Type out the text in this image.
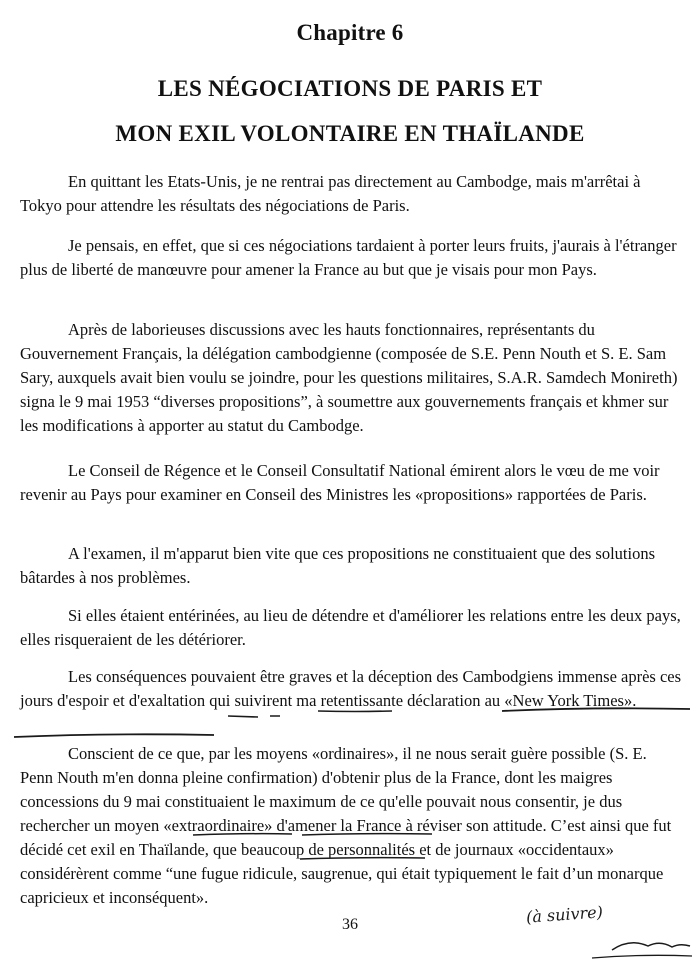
Chapitre 6
LES NÉGOCIATIONS DE PARIS ET
MON EXIL VOLONTAIRE EN THAÏLANDE

En quittant les Etats-Unis, je ne rentrai pas directement au Cambodge, mais m'arrêtai à Tokyo pour attendre les résultats des négociations de Paris.

Je pensais, en effet, que si ces négociations tardaient à porter leurs fruits, j'aurais à l'étranger plus de liberté de manœuvre pour amener la France au but que je visais pour mon Pays.

Après de laborieuses discussions avec les hauts fonctionnaires, représentants du Gouvernement Français, la délégation cambodgienne (composée de S.E. Penn Nouth et S. E. Sam Sary, auxquels avait bien voulu se joindre, pour les questions militaires, S.A.R. Samdech Monireth) signa le 9 mai 1953 “diverses propositions”, à soumettre aux gouvernements français et khmer sur les modifications à apporter au statut du Cambodge.

Le Conseil de Régence et le Conseil Consultatif National émirent alors le vœu de me voir revenir au Pays pour examiner en Conseil des Ministres les «propositions» rapportées de Paris.

A l'examen, il m'apparut bien vite que ces propositions ne constituaient que des solutions bâtardes à nos problèmes.

Si elles étaient entérinées, au lieu de détendre et d'améliorer les relations entre les deux pays, elles risqueraient de les détériorer.

Les conséquences pouvaient être graves et la déception des Cambodgiens immense après ces jours d'espoir et d'exaltation qui suivirent ma retentissante déclaration au «New York Times».

Conscient de ce que, par les moyens «ordinaires», il ne nous serait guère possible (S. E. Penn Nouth m'en donna pleine confirmation) d'obtenir plus de la France, dont les maigres concessions du 9 mai constituaient le maximum de ce qu'elle pouvait nous consentir, je dus rechercher un moyen «extraordinaire» d'amener la France à réviser son attitude. C’est ainsi que fut décidé cet exil en Thaïlande, que beaucoup de personnalités et de journaux «occidentaux» considérèrent comme “une fugue ridicule, saugrenue, qui était typiquement le fait d’un monarque capricieux et inconséquent».

36	(à suivre)
